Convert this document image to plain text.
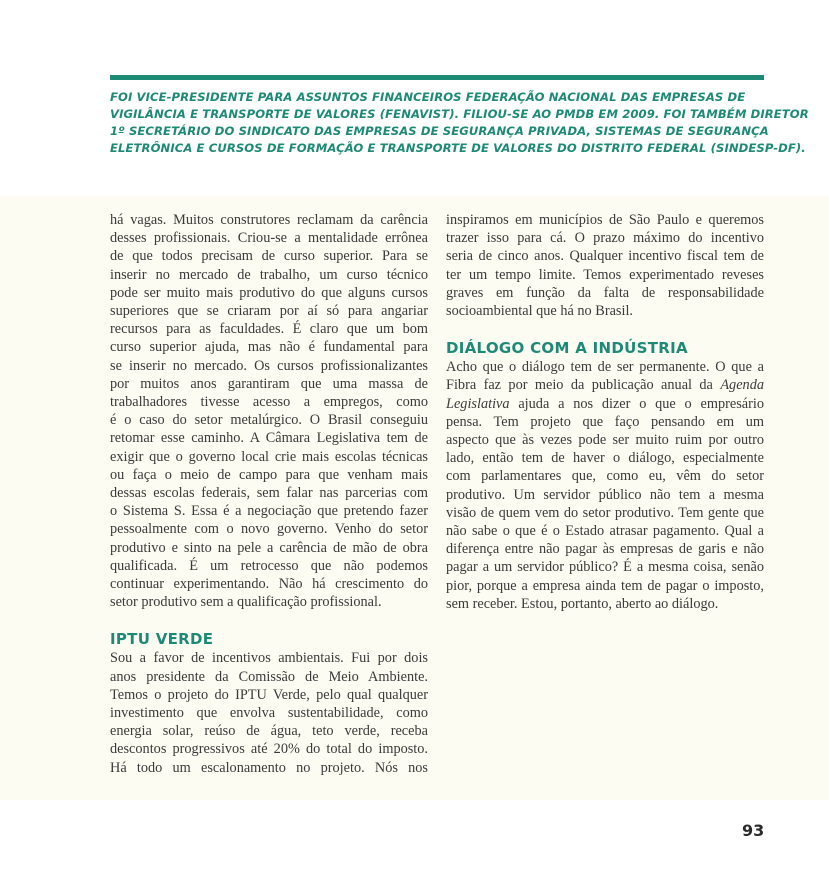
FOI VICE-PRESIDENTE PARA ASSUNTOS FINANCEIROS FEDERAÇÃO NACIONAL DAS EMPRESAS DE
VIGILÂNCIA E TRANSPORTE DE VALORES (FENAVIST). FILIOU-SE AO PMDB EM 2009. FOI TAMBÉM DIRETOR
1º SECRETÁRIO DO SINDICATO DAS EMPRESAS DE SEGURANÇA PRIVADA, SISTEMAS DE SEGURANÇA
ELETRÔNICA E CURSOS DE FORMAÇÃO E TRANSPORTE DE VALORES DO DISTRITO FEDERAL (SINDESP-DF).
há vagas. Muitos construtores reclamam da carência
desses profissionais. Criou-se a mentalidade errônea
de que todos precisam de curso superior. Para se
inserir no mercado de trabalho, um curso técnico
pode ser muito mais produtivo do que alguns cursos
superiores que se criaram por aí só para angariar
recursos para as faculdades. É claro que um bom
curso superior ajuda, mas não é fundamental para
se inserir no mercado. Os cursos profissionalizantes
por muitos anos garantiram que uma massa de
trabalhadores tivesse acesso a empregos, como
é o caso do setor metalúrgico. O Brasil conseguiu
retomar esse caminho. A Câmara Legislativa tem de
exigir que o governo local crie mais escolas técnicas
ou faça o meio de campo para que venham mais
dessas escolas federais, sem falar nas parcerias com
o Sistema S. Essa é a negociação que pretendo fazer
pessoalmente com o novo governo. Venho do setor
produtivo e sinto na pele a carência de mão de obra
qualificada. É um retrocesso que não podemos
continuar experimentando. Não há crescimento do
setor produtivo sem a qualificação profissional.
IPTU VERDE
Sou a favor de incentivos ambientais. Fui por dois
anos presidente da Comissão de Meio Ambiente.
Temos o projeto do IPTU Verde, pelo qual qualquer
investimento que envolva sustentabilidade, como
energia solar, reúso de água, teto verde, receba
descontos progressivos até 20% do total do imposto.
Há todo um escalonamento no projeto. Nós nos
inspiramos em municípios de São Paulo e queremos
trazer isso para cá. O prazo máximo do incentivo
seria de cinco anos. Qualquer incentivo fiscal tem de
ter um tempo limite. Temos experimentado reveses
graves em função da falta de responsabilidade
socioambiental que há no Brasil.
DIÁLOGO COM A INDÚSTRIA
Acho que o diálogo tem de ser permanente. O que a
Fibra faz por meio da publicação anual da Agenda
Legislativa ajuda a nos dizer o que o empresário
pensa. Tem projeto que faço pensando em um
aspecto que às vezes pode ser muito ruim por outro
lado, então tem de haver o diálogo, especialmente
com parlamentares que, como eu, vêm do setor
produtivo. Um servidor público não tem a mesma
visão de quem vem do setor produtivo. Tem gente que
não sabe o que é o Estado atrasar pagamento. Qual a
diferença entre não pagar às empresas de garis e não
pagar a um servidor público? É a mesma coisa, senão
pior, porque a empresa ainda tem de pagar o imposto,
sem receber. Estou, portanto, aberto ao diálogo.
93
